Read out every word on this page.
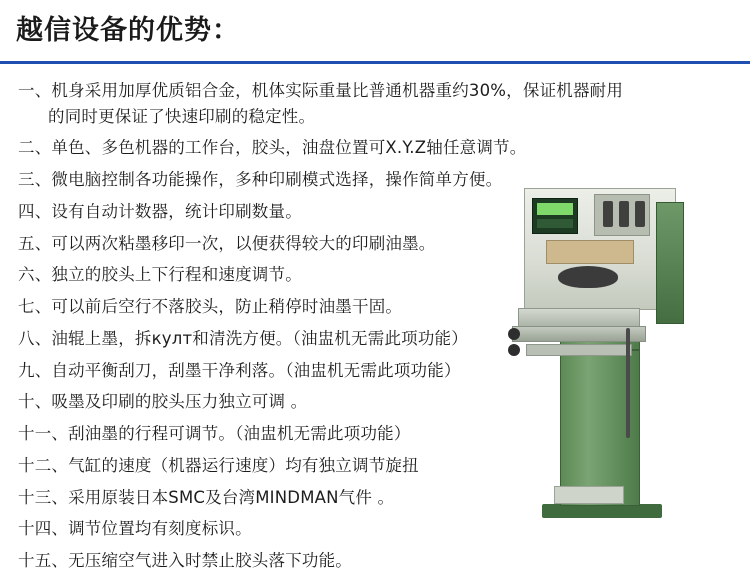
越信设备的优势：
一、机身采用加厚优质铝合金，机体实际重量比普通机器重约30%，保证机器耐用
的同时更保证了快速印刷的稳定性。
二、单色、多色机器的工作台，胶头，油盘位置可X.Y.Z轴任意调节。
三、微电脑控制各功能操作，多种印刷模式选择，操作简单方便。
四、设有自动计数器，统计印刷数量。
五、可以两次粘墨移印一次，以便获得较大的印刷油墨。
六、独立的胶头上下行程和速度调节。
七、可以前后空行不落胶头，防止稍停时油墨干固。
八、油辊上墨，拆култ和清洗方便。（油盅机无需此项功能）
九、自动平衡刮刀，刮墨干净利落。（油盅机无需此项功能）
十、吸墨及印刷的胶头压力独立可调 。
十一、刮油墨的行程可调节。（油盅机无需此项功能）
十二、气缸的速度（机器运行速度）均有独立调节旋扭
十三、采用原装日本SMC及台湾MINDMAN气件 。
十四、调节位置均有刻度标识。
十五、无压缩空气进入时禁止胶头落下功能。
